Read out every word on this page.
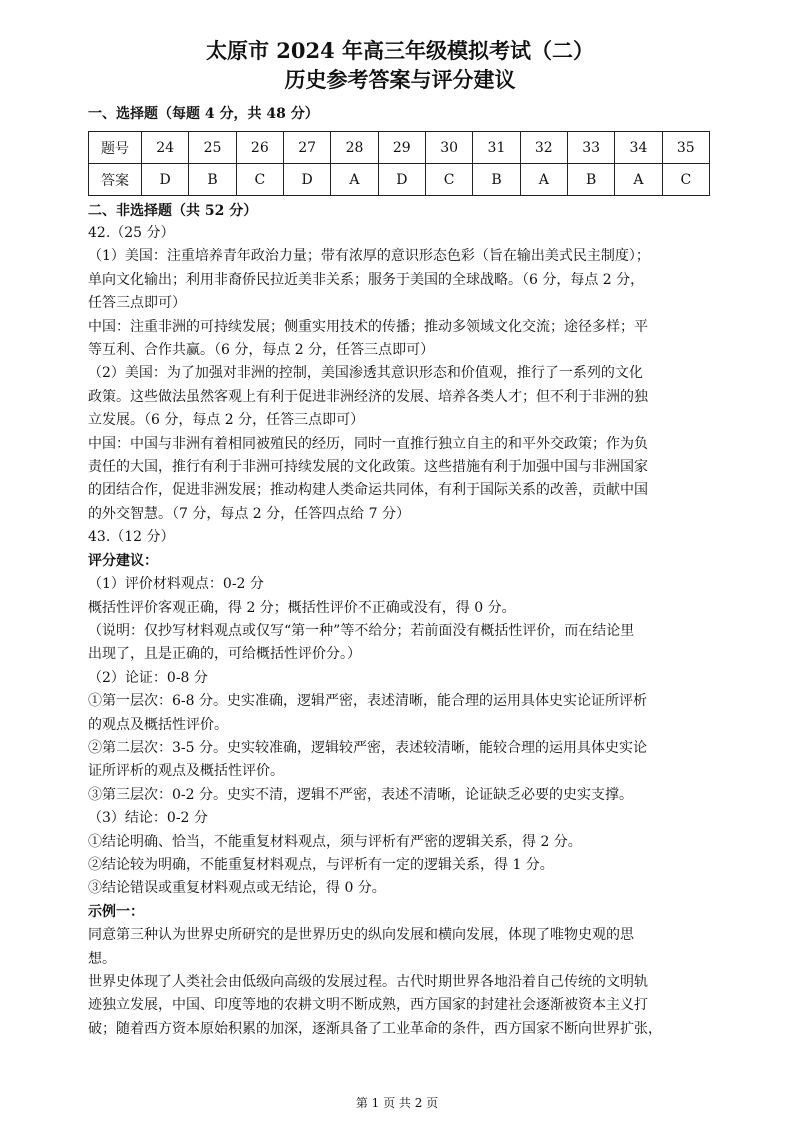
太原市 2024 年高三年级模拟考试（二）
历史参考答案与评分建议
一、选择题（每题 4 分，共 48 分）
题号	24	25	26	27	28	29	30	31	32	33	34	35
答案	D	B	C	D	A	D	C	B	A	B	A	C
二、非选择题（共 52 分）

42.（25 分）

（1）美国：注重培养青年政治力量；带有浓厚的意识形态色彩（旨在输出美式民主制度）；

单向文化输出；利用非裔侨民拉近美非关系；服务于美国的全球战略。（6 分，每点 2 分，

任答三点即可）

中国：注重非洲的可持续发展；侧重实用技术的传播；推动多领域文化交流；途径多样；平

等互利、合作共赢。（6 分，每点 2 分，任答三点即可）

（2）美国：为了加强对非洲的控制，美国渗透其意识形态和价值观，推行了一系列的文化

政策。这些做法虽然客观上有利于促进非洲经济的发展、培养各类人才；但不利于非洲的独

立发展。（6 分，每点 2 分，任答三点即可）

中国：中国与非洲有着相同被殖民的经历，同时一直推行独立自主的和平外交政策；作为负

责任的大国，推行有利于非洲可持续发展的文化政策。这些措施有利于加强中国与非洲国家

的团结合作，促进非洲发展；推动构建人类命运共同体，有利于国际关系的改善，贡献中国

的外交智慧。（7 分，每点 2 分，任答四点给 7 分）

43.（12 分）

评分建议：

（1）评价材料观点：0-2 分

概括性评价客观正确，得 2 分；概括性评价不正确或没有，得 0 分。

（说明：仅抄写材料观点或仅写“第一种”等不给分；若前面没有概括性评价，而在结论里

出现了，且是正确的，可给概括性评价分。）

（2）论证：0-8 分

①第一层次：6-8 分。史实准确，逻辑严密，表述清晰，能合理的运用具体史实论证所评析

的观点及概括性评价。

②第二层次：3-5 分。史实较准确，逻辑较严密，表述较清晰，能较合理的运用具体史实论

证所评析的观点及概括性评价。

③第三层次：0-2 分。史实不清，逻辑不严密，表述不清晰，论证缺乏必要的史实支撑。

（3）结论：0-2 分

①结论明确、恰当，不能重复材料观点，须与评析有严密的逻辑关系，得 2 分。

②结论较为明确，不能重复材料观点，与评析有一定的逻辑关系，得 1 分。

③结论错误或重复材料观点或无结论，得 0 分。

示例一：

同意第三种认为世界史所研究的是世界历史的纵向发展和横向发展，体现了唯物史观的思

想。

世界史体现了人类社会由低级向高级的发展过程。古代时期世界各地沿着自己传统的文明轨

迹独立发展，中国、印度等地的农耕文明不断成熟，西方国家的封建社会逐渐被资本主义打

破；随着西方资本原始积累的加深，逐渐具备了工业革命的条件，西方国家不断向世界扩张，

第 1 页 共 2 页
